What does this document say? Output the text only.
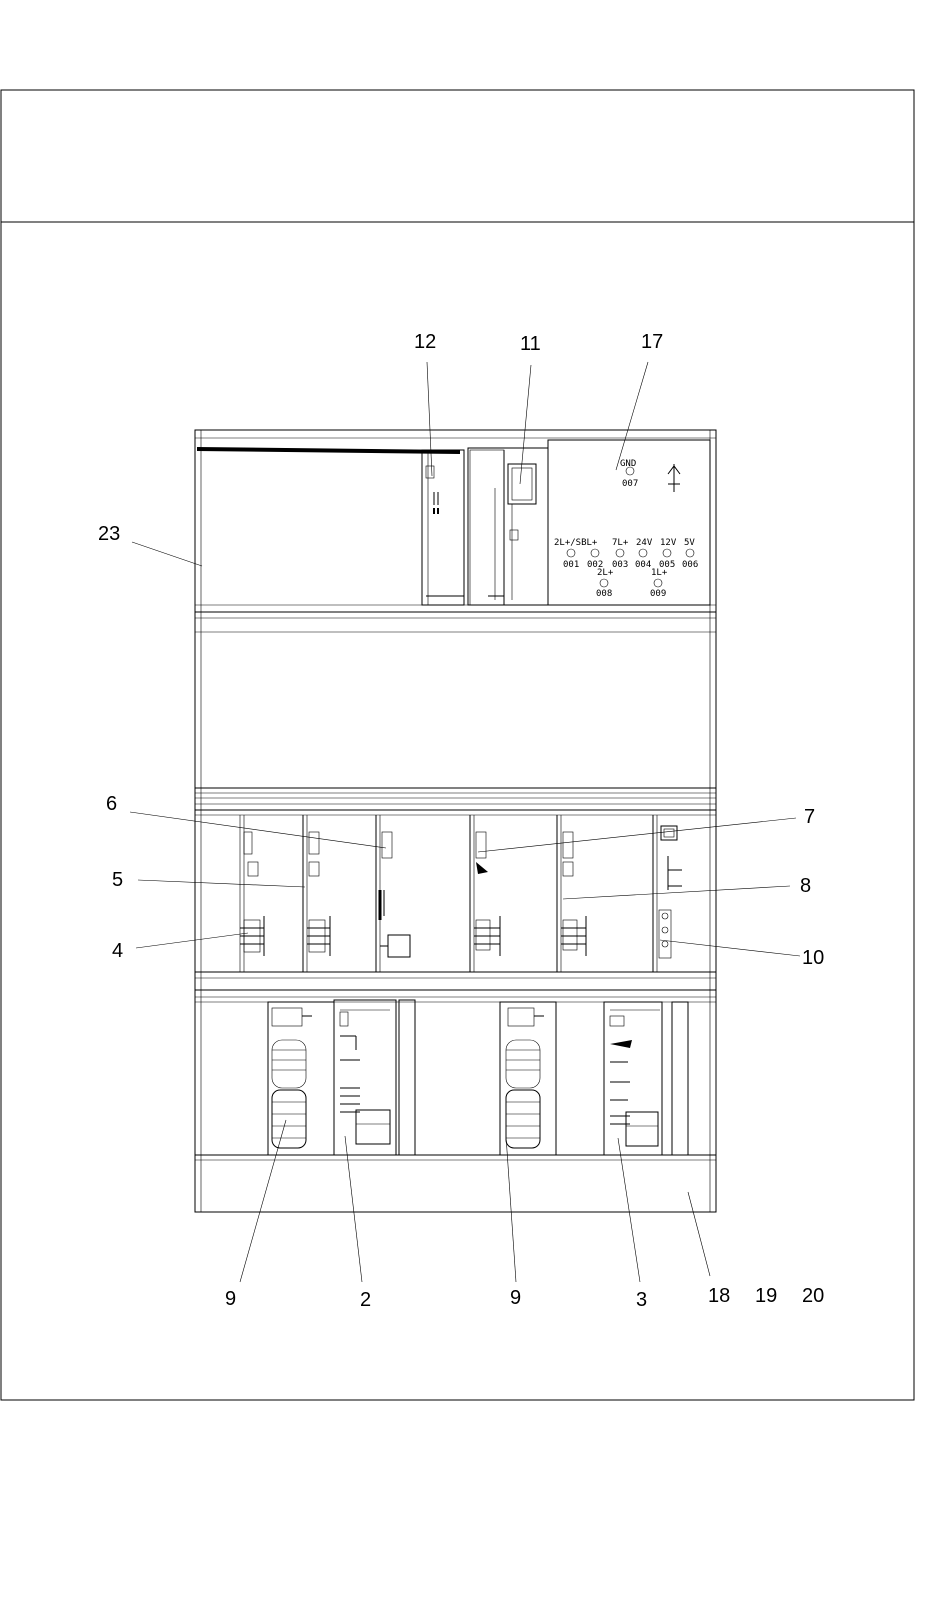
GND
007
2L+/SBL+ 7L+ 24V 12V 5V
001 002 003 004 005 006
2L+	1L+
008	009
12	11	17
23
6
7
5	8
4	10
9	2	9	3	18 19 20
